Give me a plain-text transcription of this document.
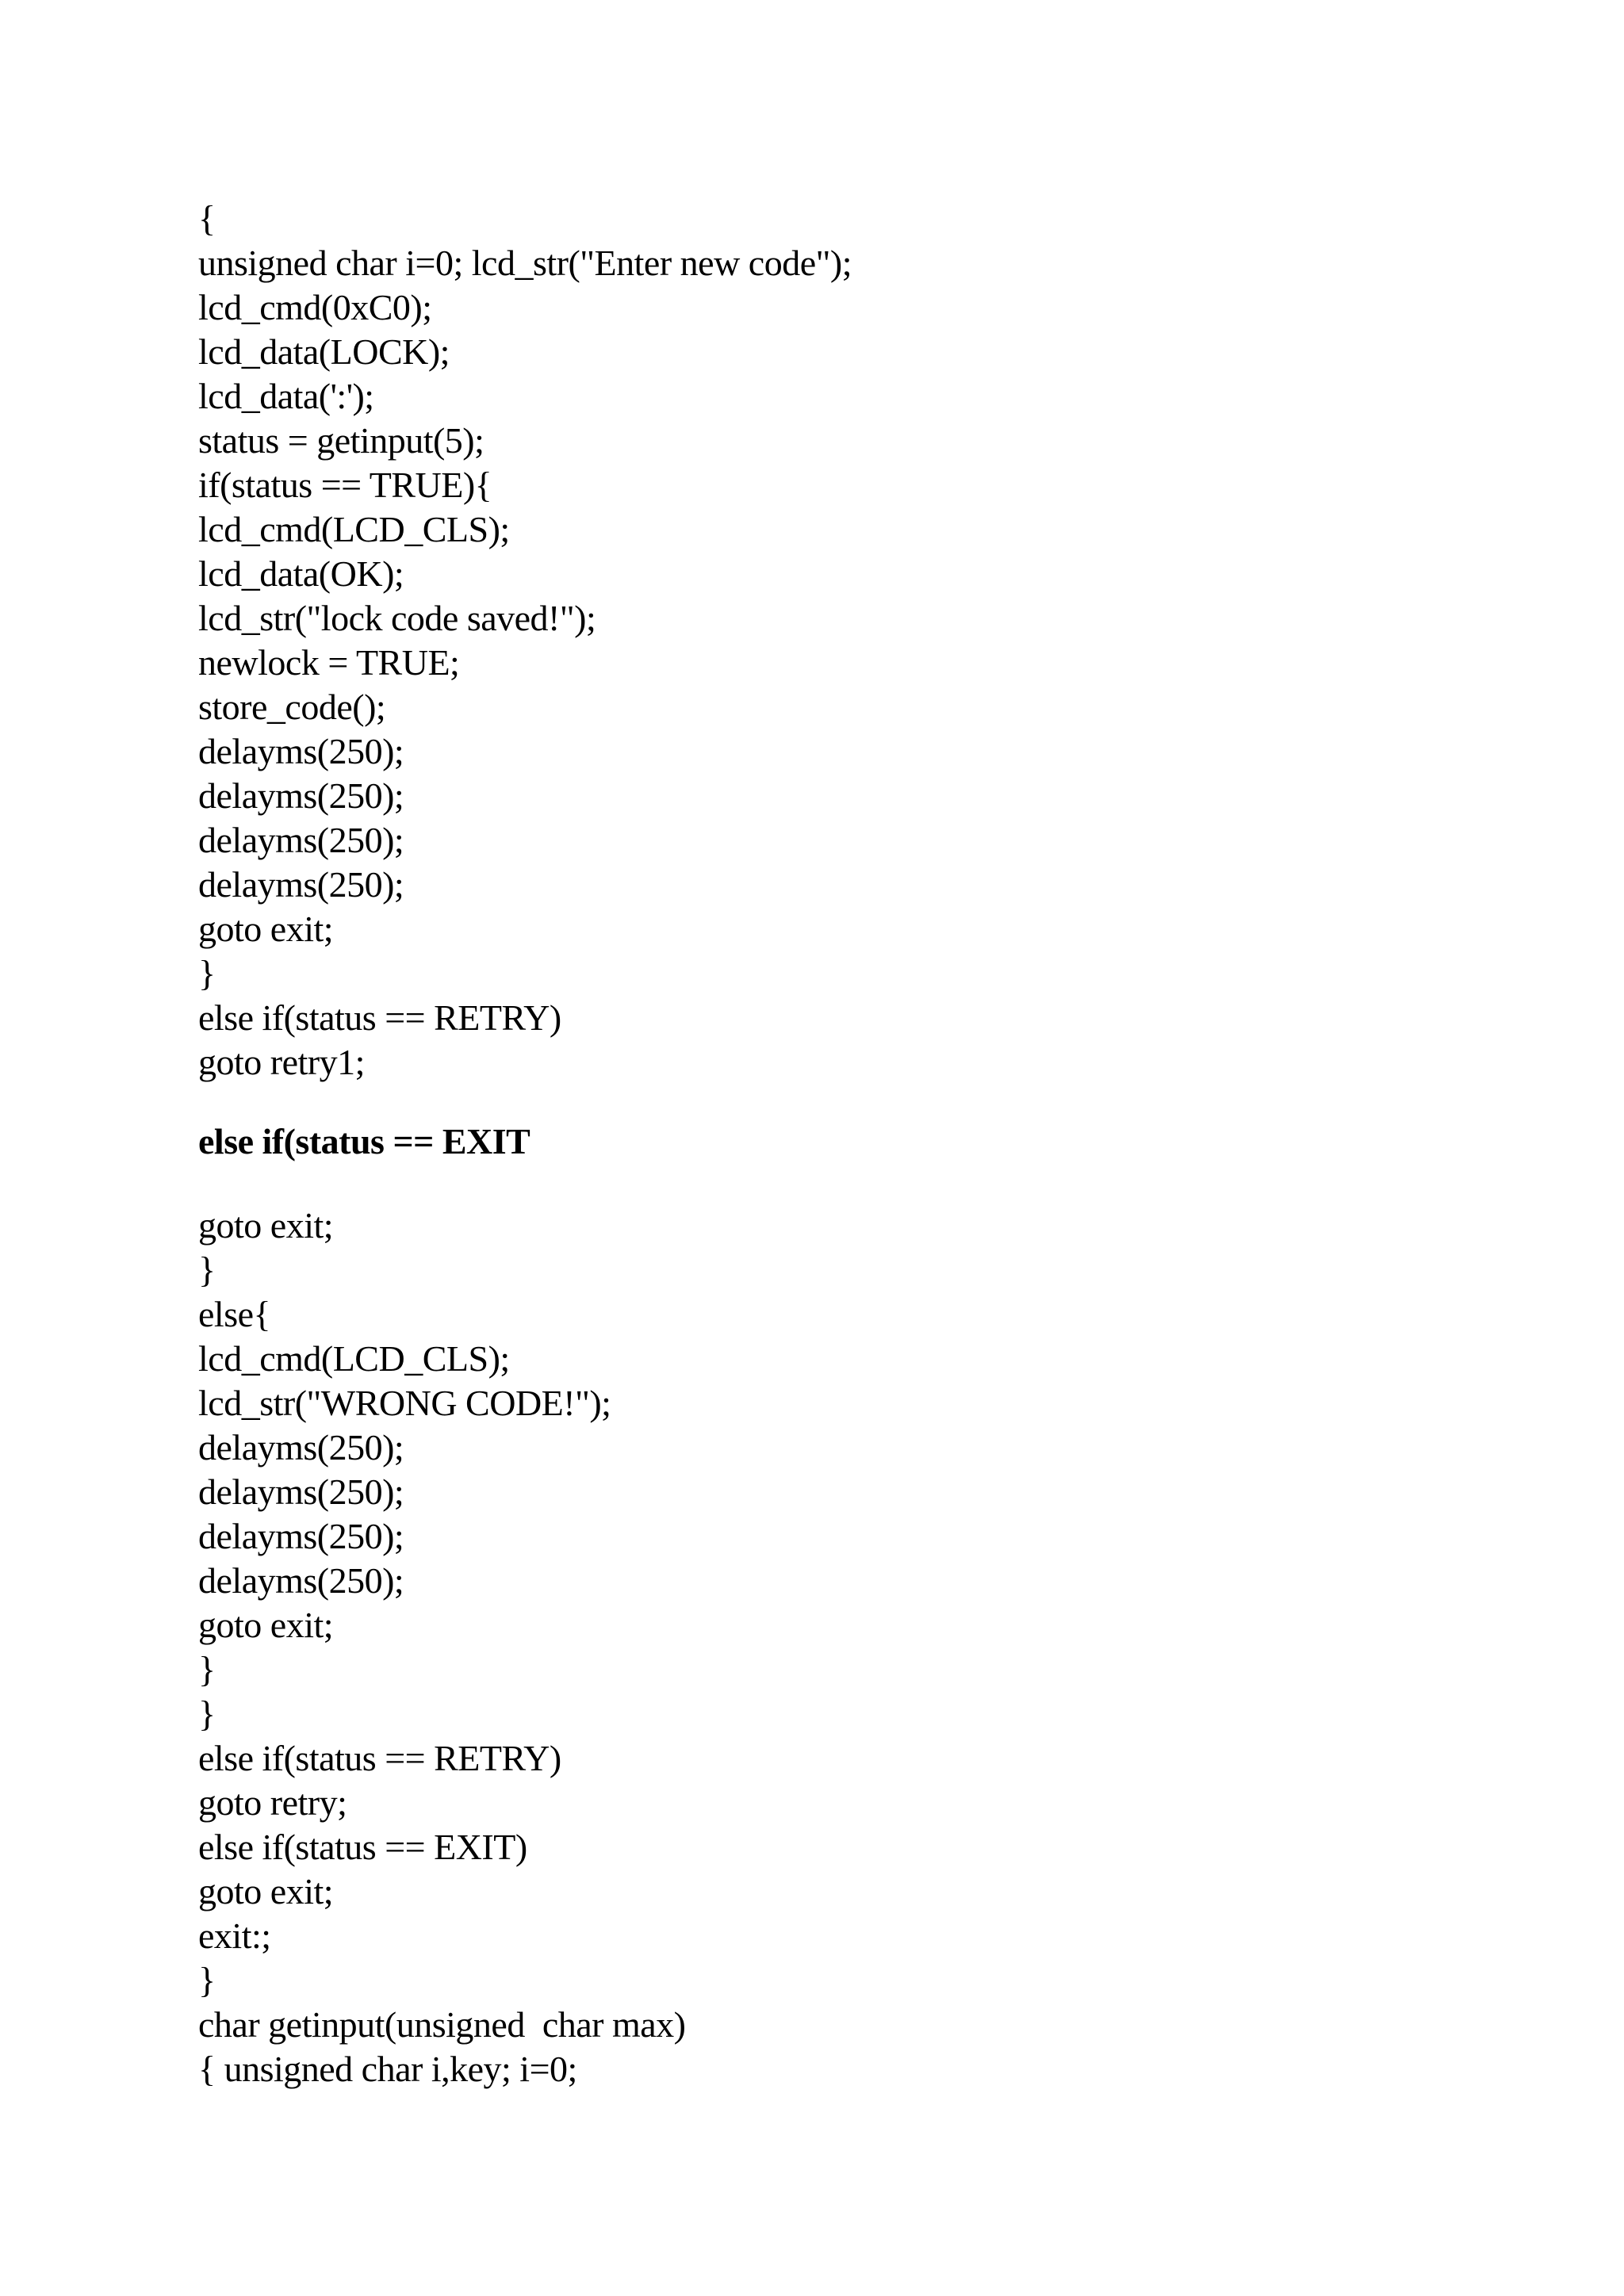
{
unsigned char i=0; lcd_str("Enter new code");
lcd_cmd(0xC0);
lcd_data(LOCK);
lcd_data(':');
status = getinput(5);
if(status == TRUE){
lcd_cmd(LCD_CLS);
lcd_data(OK);
lcd_str("lock code saved!");
newlock = TRUE;
store_code();
delayms(250);
delayms(250);
delayms(250);
delayms(250);
goto exit;
}
else if(status == RETRY)
goto retry1;
else if(status == EXIT
goto exit;
}
else{
lcd_cmd(LCD_CLS);
lcd_str("WRONG CODE!");
delayms(250);
delayms(250);
delayms(250);
delayms(250);
goto exit;
}
}
else if(status == RETRY)
goto retry;
else if(status == EXIT)
goto exit;
exit:;
}
char getinput(unsigned  char max)
{ unsigned char i,key; i=0;
